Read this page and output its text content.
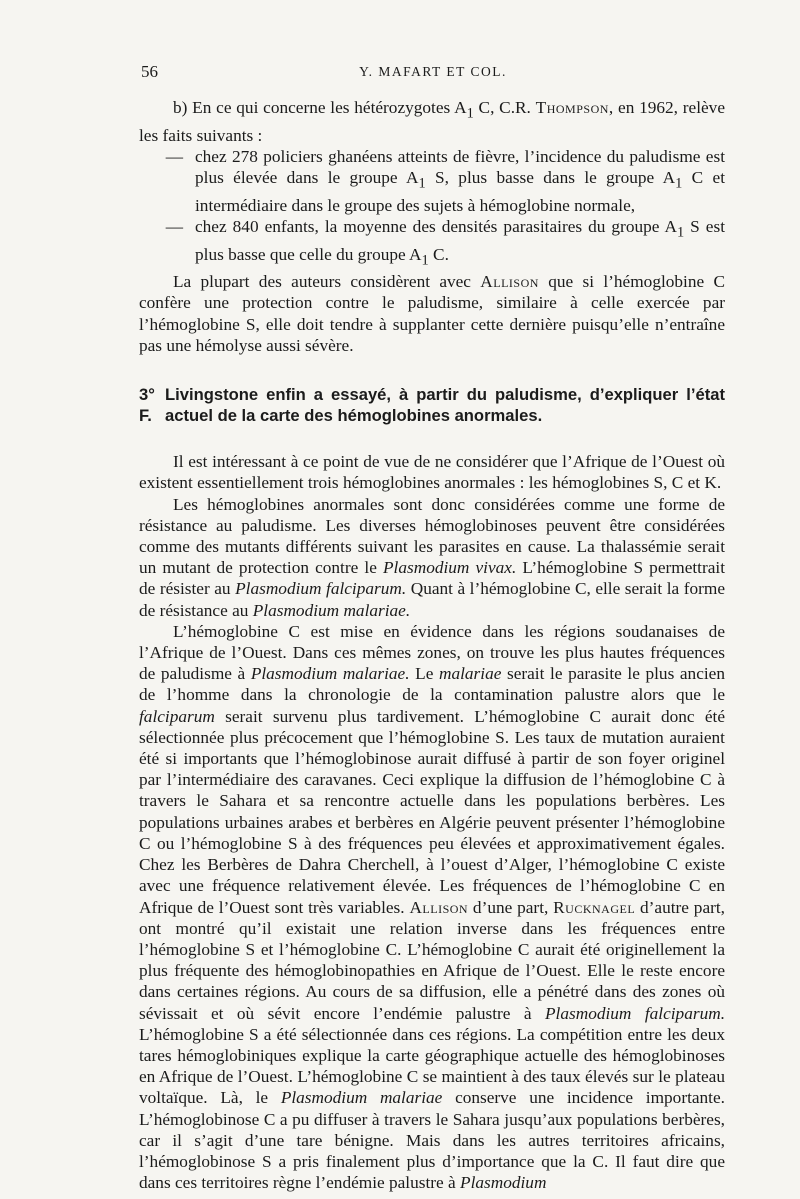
56	Y. MAFART ET COL.

b) En ce qui concerne les hétérozygotes $A_1$ C, C.R. Thompson, en 1962, relève les faits suivants :

— chez 278 policiers ghanéens atteints de fièvre, l’incidence du paludisme est plus élevée dans le groupe $A_1$ S, plus basse dans le groupe $A_1$ C et intermédiaire dans le groupe des sujets à hémoglobine normale,
— chez 840 enfants, la moyenne des densités parasitaires du groupe $A_1$ S est plus basse que celle du groupe $A_1$ C.

La plupart des auteurs considèrent avec Allison que si l’hémoglobine C confère une protection contre le paludisme, similaire à celle exercée par l’hémoglobine S, elle doit tendre à supplanter cette dernière puisqu’elle n’entraîne pas une hémolyse aussi sévère.

3° F.
Livingstone enfin a essayé, à partir du paludisme, d’expliquer l’état actuel de la carte des hémoglobines anormales.

Il est intéressant à ce point de vue de ne considérer que l’Afrique de l’Ouest où existent essentiellement trois hémoglobines anormales : les hémoglobines S, C et K.

Les hémoglobines anormales sont donc considérées comme une forme de résistance au paludisme. Les diverses hémoglobinoses peuvent être considérées comme des mutants différents suivant les parasites en cause. La thalassémie serait un mutant de protection contre le Plasmodium vivax. L’hémoglobine S permettrait de résister au Plasmodium falciparum. Quant à l’hémoglobine C, elle serait la forme de résistance au Plasmodium malariae.

L’hémoglobine C est mise en évidence dans les régions soudanaises de l’Afrique de l’Ouest. Dans ces mêmes zones, on trouve les plus hautes fréquences de paludisme à Plasmodium malariae. Le malariae serait le parasite le plus ancien de l’homme dans la chronologie de la contamination palustre alors que le falciparum serait survenu plus tardivement. L’hémoglobine C aurait donc été sélectionnée plus précocement que l’hémoglobine S. Les taux de mutation auraient été si importants que l’hémoglobinose aurait diffusé à partir de son foyer originel par l’intermédiaire des caravanes. Ceci explique la diffusion de l’hémoglobine C à travers le Sahara et sa rencontre actuelle dans les populations berbères. Les populations urbaines arabes et berbères en Algérie peuvent présenter l’hémoglobine C ou l’hémoglobine S à des fréquences peu élevées et approximativement égales. Chez les Berbères de Dahra Cherchell, à l’ouest d’Alger, l’hémoglobine C existe avec une fréquence relativement élevée. Les fréquences de l’hémoglobine C en Afrique de l’Ouest sont très variables. Allison d’une part, Rucknagel d’autre part, ont montré qu’il existait une relation inverse dans les fréquences entre l’hémoglobine S et l’hémoglobine C. L’hémoglobine C aurait été originellement la plus fréquente des hémoglobinopathies en Afrique de l’Ouest. Elle le reste encore dans certaines régions. Au cours de sa diffusion, elle a pénétré dans des zones où sévissait et où sévit encore l’endémie palustre à Plasmodium falciparum. L’hémoglobine S a été sélectionnée dans ces régions. La compétition entre les deux tares hémoglobiniques explique la carte géographique actuelle des hémoglobinoses en Afrique de l’Ouest. L’hémoglobine C se maintient à des taux élevés sur le plateau voltaïque. Là, le Plasmodium malariae conserve une incidence importante. L’hémoglobinose C a pu diffuser à travers le Sahara jusqu’aux populations berbères, car il s’agit d’une tare bénigne. Mais dans les autres territoires africains, l’hémoglobinose S a pris finalement plus d’importance que la C. Il faut dire que dans ces territoires règne l’endémie palustre à Plasmodium
